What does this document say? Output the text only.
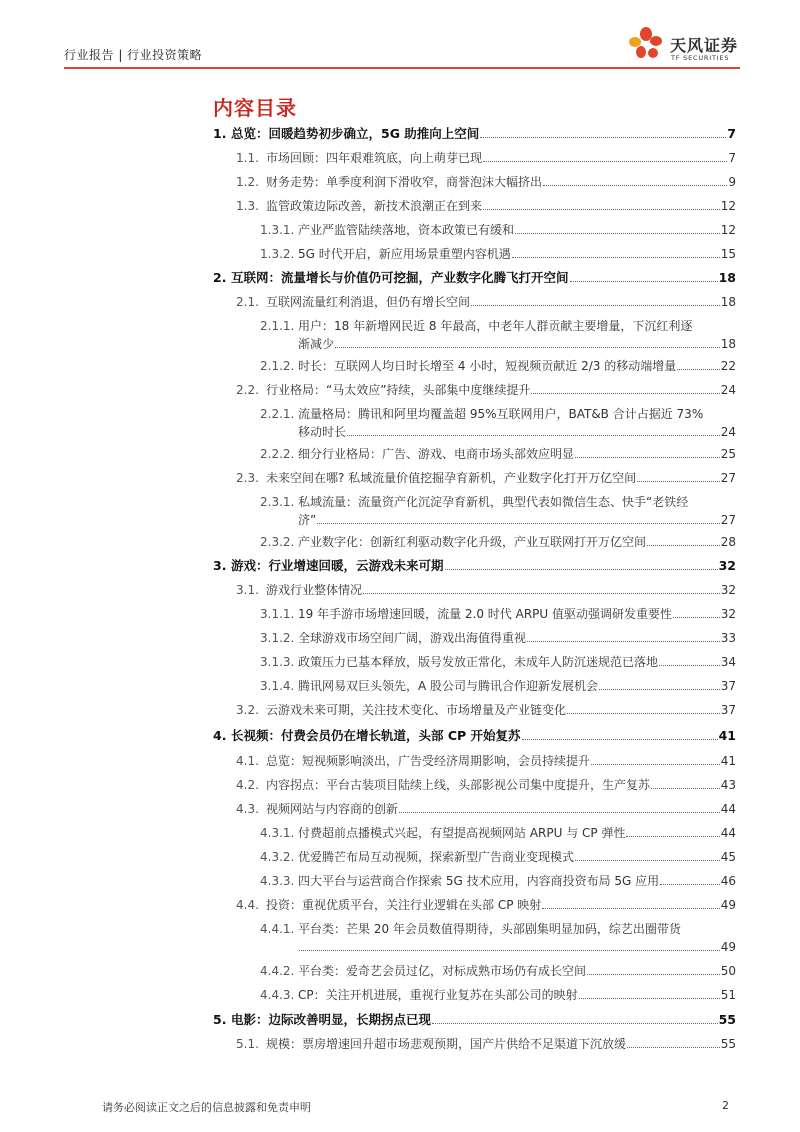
行业报告 | 行业投资策略	天风证券
TF SECURITIES
内容目录
1. 总览：回暖趋势初步确立，5G 助推向上空间	7
1.1. 市场回顾：四年艰难筑底，向上萌芽已现	7
1.2. 财务走势：单季度利润下滑收窄，商誉泡沫大幅挤出	9
1.3. 监管政策边际改善，新技术浪潮正在到来	12
1.3.1. 产业严监管陆续落地，资本政策已有缓和	12
1.3.2. 5G 时代开启，新应用场景重塑内容机遇	15
2. 互联网：流量增长与价值仍可挖掘，产业数字化腾飞打开空间	18
2.1. 互联网流量红利消退，但仍有增长空间	18
2.1.1. 用户：18 年新增网民近 8 年最高，中老年人群贡献主要增量，下沉红利逐
渐减少	18
2.1.2. 时长：互联网人均日时长增至 4 小时，短视频贡献近 2/3 的移动端增量	22
2.2. 行业格局：“马太效应”持续，头部集中度继续提升	24
2.2.1. 流量格局：腾讯和阿里均覆盖超 95%互联网用户，BAT&B 合计占据近 73%
移动时长	24
2.2.2. 细分行业格局：广告、游戏、电商市场头部效应明显	25
2.3. 未来空间在哪? 私域流量价值挖掘孕育新机，产业数字化打开万亿空间	27
2.3.1. 私域流量：流量资产化沉淀孕育新机，典型代表如微信生态、快手“老铁经
济”	27
2.3.2. 产业数字化：创新红利驱动数字化升级，产业互联网打开万亿空间	28
3. 游戏：行业增速回暖，云游戏未来可期	32
3.1. 游戏行业整体情况	32
3.1.1. 19 年手游市场增速回暖，流量 2.0 时代 ARPU 值驱动强调研发重要性	32
3.1.2. 全球游戏市场空间广阔，游戏出海值得重视	33
3.1.3. 政策压力已基本释放，版号发放正常化，未成年人防沉迷规范已落地	34
3.1.4. 腾讯网易双巨头领先，A 股公司与腾讯合作迎新发展机会	37
3.2. 云游戏未来可期，关注技术变化、市场增量及产业链变化	37
4. 长视频：付费会员仍在增长轨道，头部 CP 开始复苏	41
4.1. 总览：短视频影响淡出，广告受经济周期影响，会员持续提升	41
4.2. 内容拐点：平台古装项目陆续上线，头部影视公司集中度提升，生产复苏	43
4.3. 视频网站与内容商的创新	44
4.3.1. 付费超前点播模式兴起，有望提高视频网站 ARPU 与 CP 弹性	44
4.3.2. 优爱腾芒布局互动视频，探索新型广告商业变现模式	45
4.3.3. 四大平台与运营商合作探索 5G 技术应用，内容商投资布局 5G 应用	46
4.4. 投资：重视优质平台，关注行业逻辑在头部 CP 映射	49
4.4.1. 平台类：芒果 20 年会员数值得期待，头部剧集明显加码，综艺出圈带货
49
4.4.2. 平台类：爱奇艺会员过亿，对标成熟市场仍有成长空间	50
4.4.3. CP：关注开机进展，重视行业复苏在头部公司的映射	51
5. 电影：边际改善明显，长期拐点已现	55
5.1. 规模：票房增速回升超市场悲观预期，国产片供给不足渠道下沉放缓	55
请务必阅读正文之后的信息披露和免责申明	2
